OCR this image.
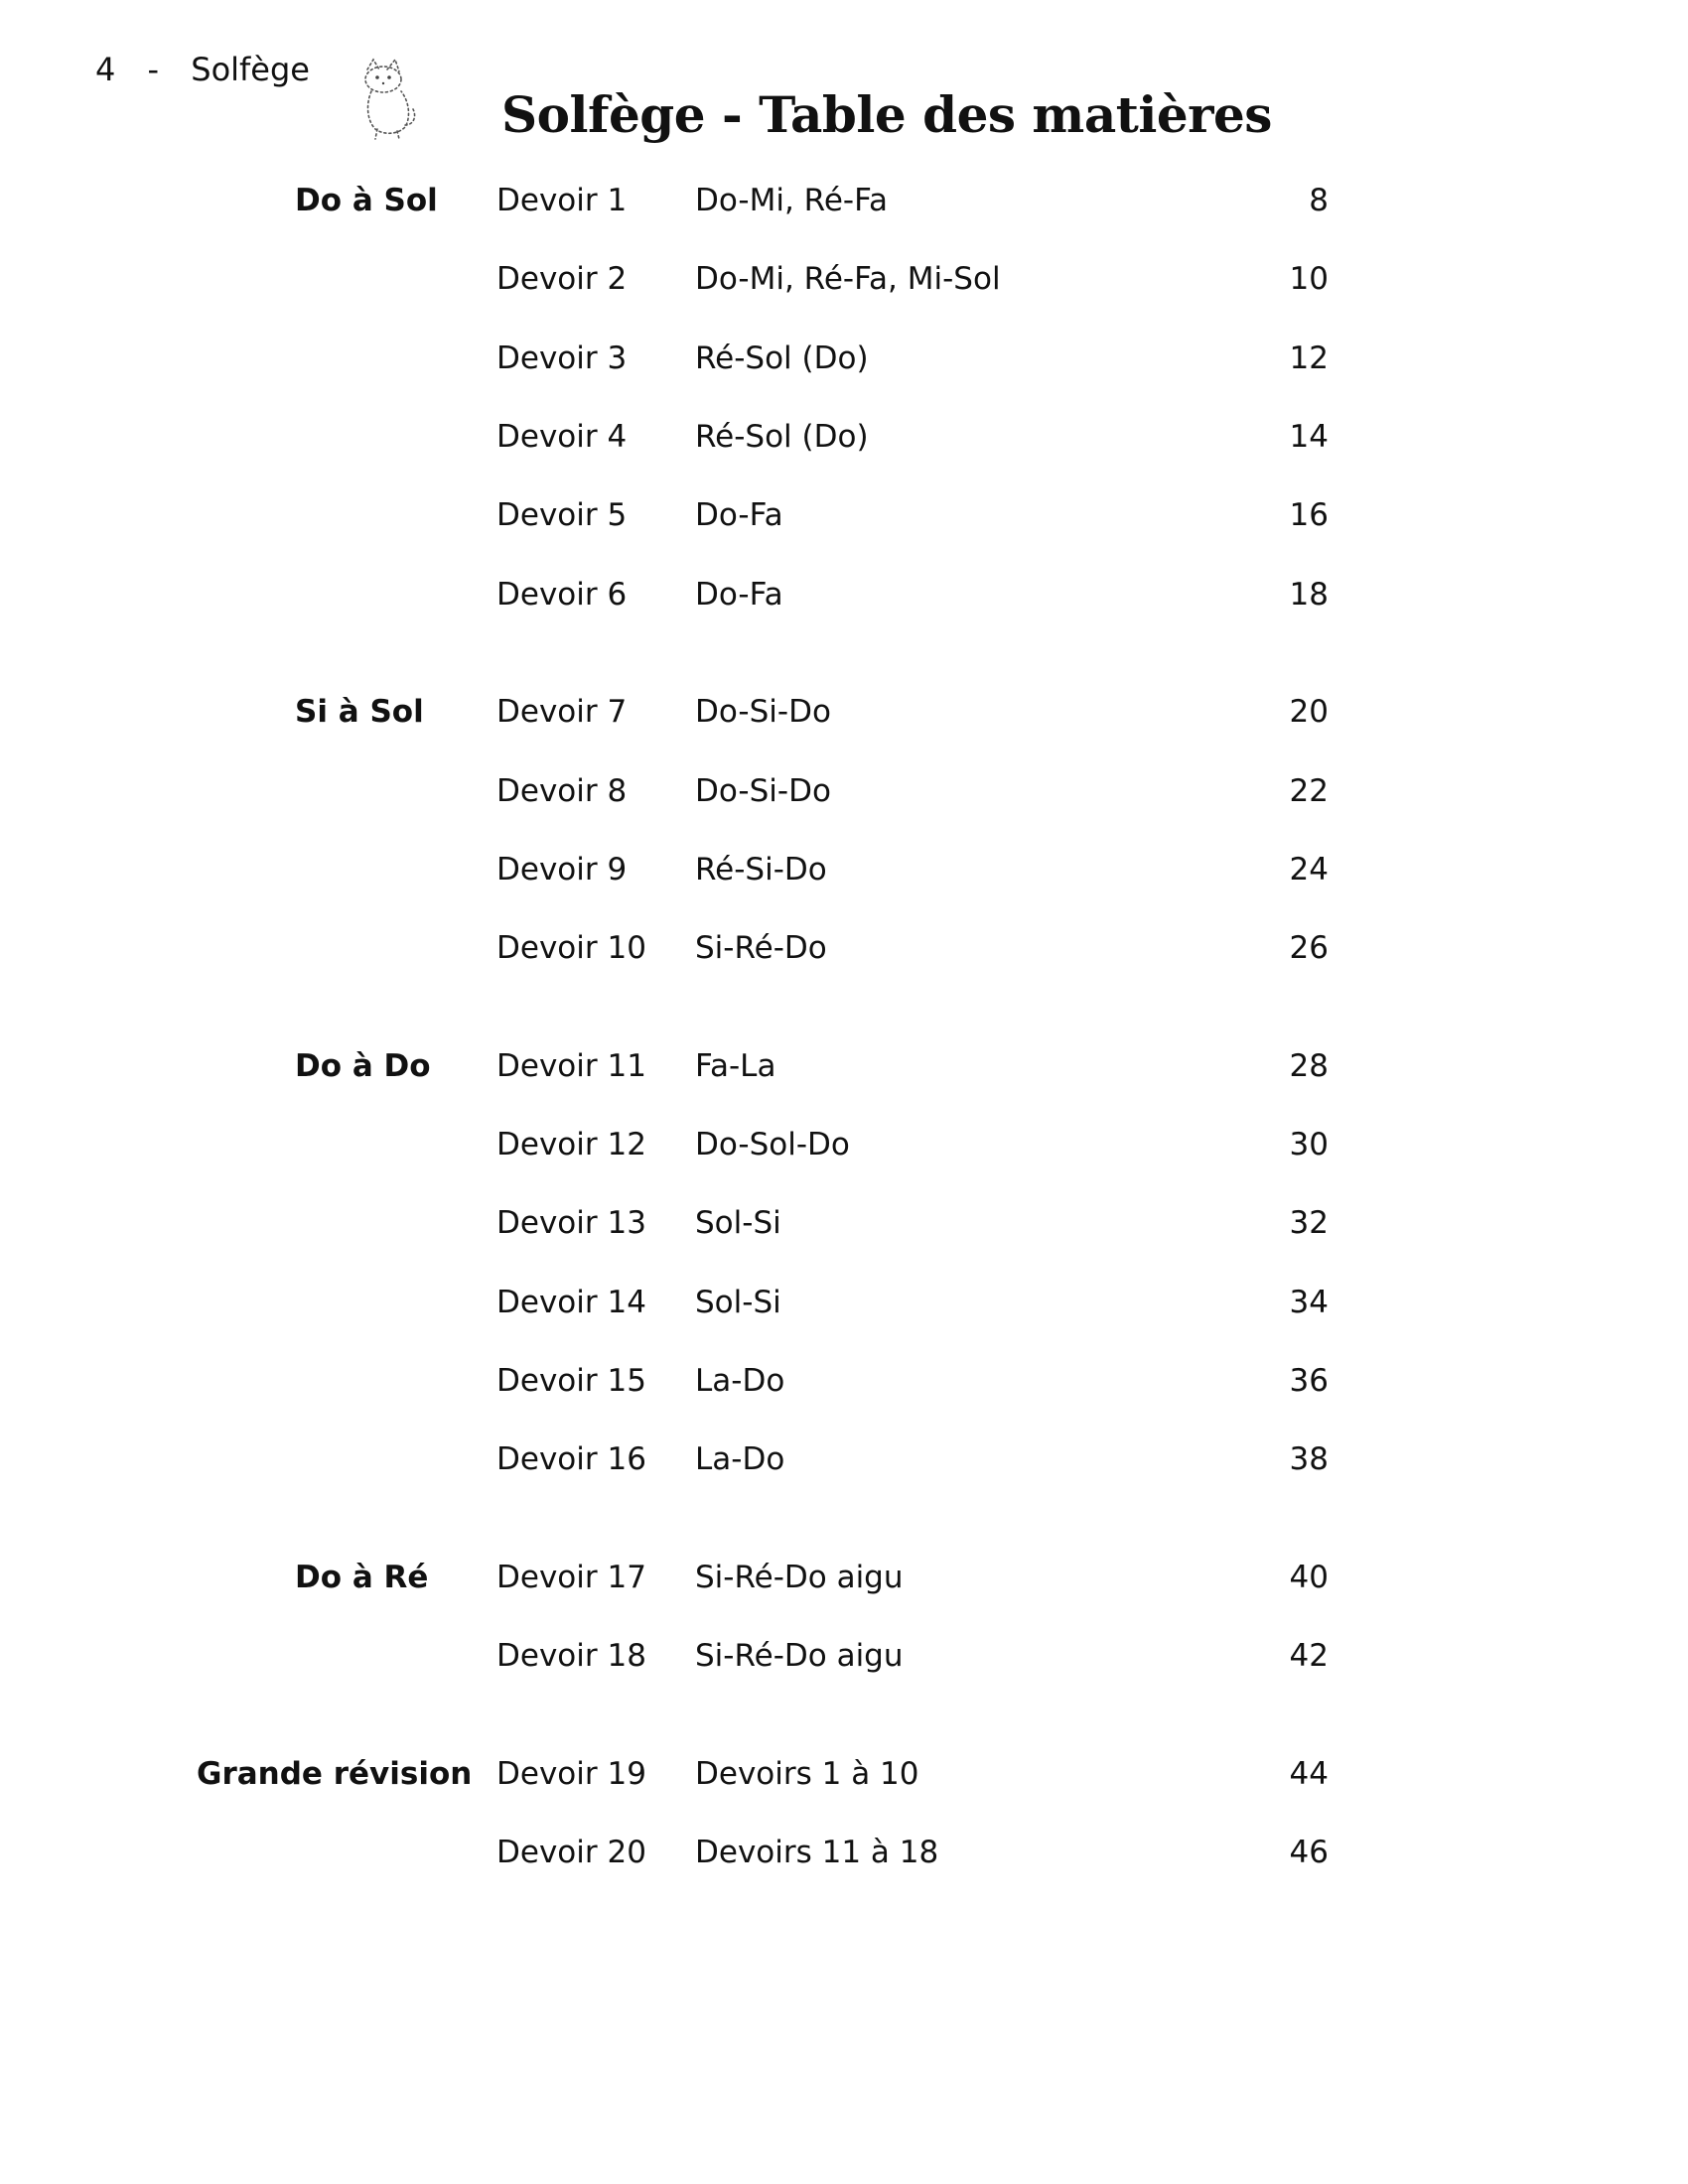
4 - Solfège
Solfège - Table des matières
Do à Sol Devoir 1 Do-Mi, Ré-Fa	8
Devoir 2 Do-Mi, Ré-Fa, Mi-Sol	10
Devoir 3 Ré-Sol (Do)	12
Devoir 4 Ré-Sol (Do)	14
Devoir 5 Do-Fa	16
Devoir 6 Do-Fa	18
Si à Sol Devoir 7 Do-Si-Do	20
Devoir 8 Do-Si-Do	22
Devoir 9 Ré-Si-Do	24
Devoir 10 Si-Ré-Do	26
Do à Do Devoir 11 Fa-La	28
Devoir 12 Do-Sol-Do	30
Devoir 13 Sol-Si	32
Devoir 14 Sol-Si	34
Devoir 15 La-Do	36
Devoir 16 La-Do	38
Do à Ré Devoir 17 Si-Ré-Do aigu	40
Devoir 18 Si-Ré-Do aigu	42
Grande révision Devoir 19 Devoirs 1 à 10	44
Devoir 20 Devoirs 11 à 18	46
